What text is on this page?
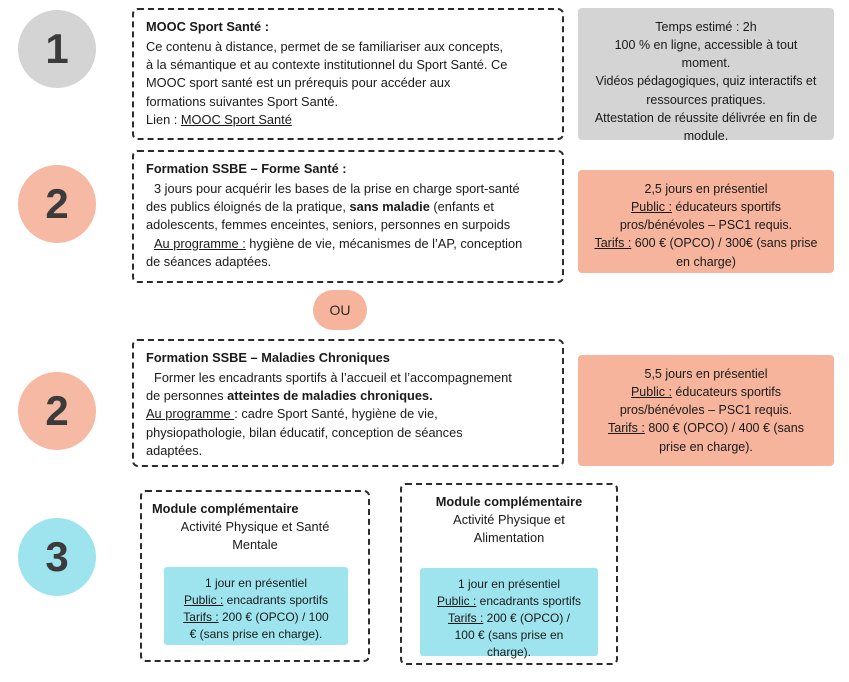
1	MOOC Sport Santé :

Ce contenu à distance, permet de se familiariser aux concepts,

à la sémantique et au contexte institutionnel du Sport Santé. Ce

MOOC sport santé est un prérequis pour accéder aux

formations suivantes Sport Santé.

Lien : MOOC Sport Santé

Temps estimé : 2h
100 % en ligne, accessible à tout moment.
Vidéos pédagogiques, quiz interactifs et
ressources pratiques.
Attestation de réussite délivrée en fin de
module.
2

Formation SSBE – Forme Santé :

3 jours pour acquérir les bases de la prise en charge sport-santé

des publics éloignés de la pratique, sans maladie (enfants et

adolescents, femmes enceintes, seniors, personnes en surpoids

Au programme : hygiène de vie, mécanismes de l’AP, conception

de séances adaptées.

2,5 jours en présentiel
Public : éducateurs sportifs
pros/bénévoles – PSC1 requis.
Tarifs : 600 € (OPCO) / 300€ (sans prise
en charge)
OU
2

Formation SSBE – Maladies Chroniques

Former les encadrants sportifs à l’accueil et l’accompagnement

de personnes atteintes de maladies chroniques.

Au programme : cadre Sport Santé, hygiène de vie,

physiopathologie, bilan éducatif, conception de séances

adaptées.

5,5 jours en présentiel
Public : éducateurs sportifs
pros/bénévoles – PSC1 requis.
Tarifs : 800 € (OPCO) / 400 € (sans
prise en charge).
3

Module complémentaire

Activité Physique et Santé

Mentale

1 jour en présentiel
Public : encadrants sportifs
Tarifs : 200 € (OPCO) / 100
€ (sans prise en charge).

Module complémentaire

Activité Physique et

Alimentation

1 jour en présentiel
Public : encadrants sportifs
Tarifs : 200 € (OPCO) /
100 € (sans prise en
charge).
